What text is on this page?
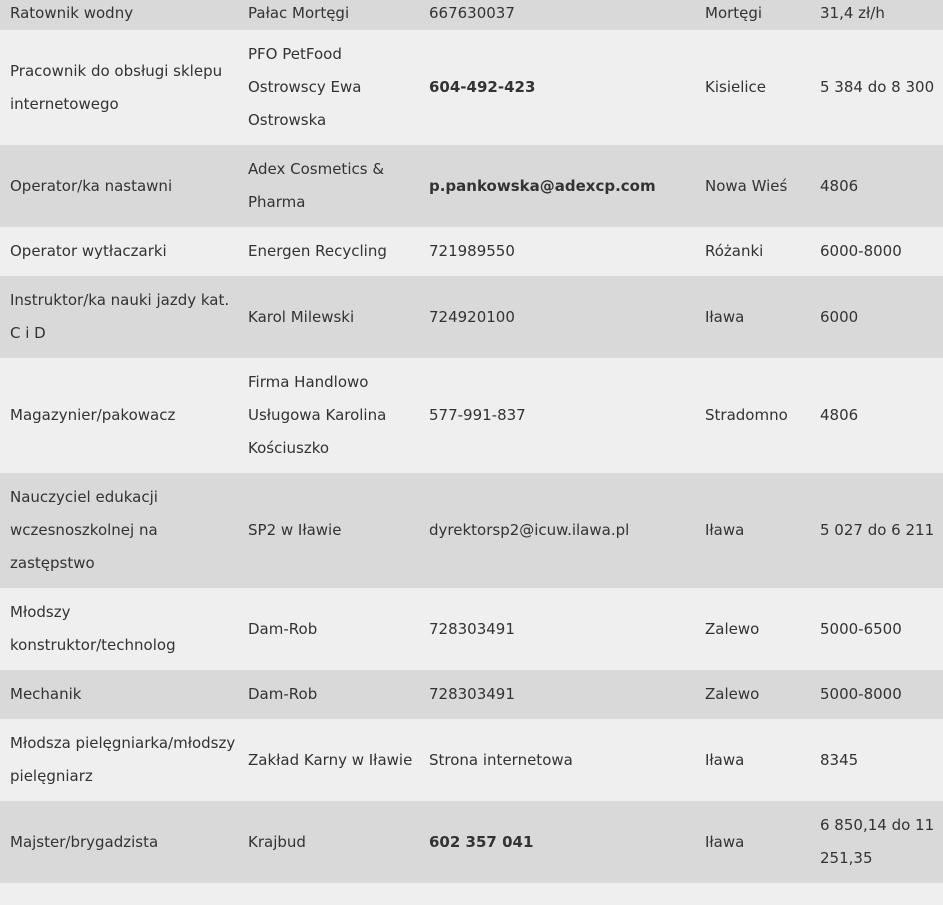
Ratownik wodny	Pałac Mortęgi	667630037	Mortęgi	31,4 zł/h
Pracownik do obsługi sklepu internetowego	PFO PetFood Ostrowscy Ewa Ostrowska	604-492-423	Kisielice	5 384 do 8 300
Operator/ka nastawni	Adex Cosmetics & Pharma	p.pankowska@adexcp.com	Nowa Wieś	4806
Operator wytłaczarki	Energen Recycling	721989550	Różanki	6000-8000
Instruktor/ka nauki jazdy kat. C i D	Karol Milewski	724920100	Iława	6000
Magazynier/pakowacz	Firma Handlowo Usługowa Karolina Kościuszko	577-991-837	Stradomno	4806
Nauczyciel edukacji wczesnoszkolnej na zastępstwo	SP2 w Iławie	dyrektorsp2@icuw.ilawa.pl	Iława	5 027 do 6 211
Młodszy konstruktor/technolog	Dam-Rob	728303491	Zalewo	5000-6500
Mechanik	Dam-Rob	728303491	Zalewo	5000-8000
Młodsza pielęgniarka/młodszy pielęgniarz	Zakład Karny w Iławie	Strona internetowa	Iława	8345
Majster/brygadzista	Krajbud	602 357 041	Iława	6 850,14 do 11 251,35
